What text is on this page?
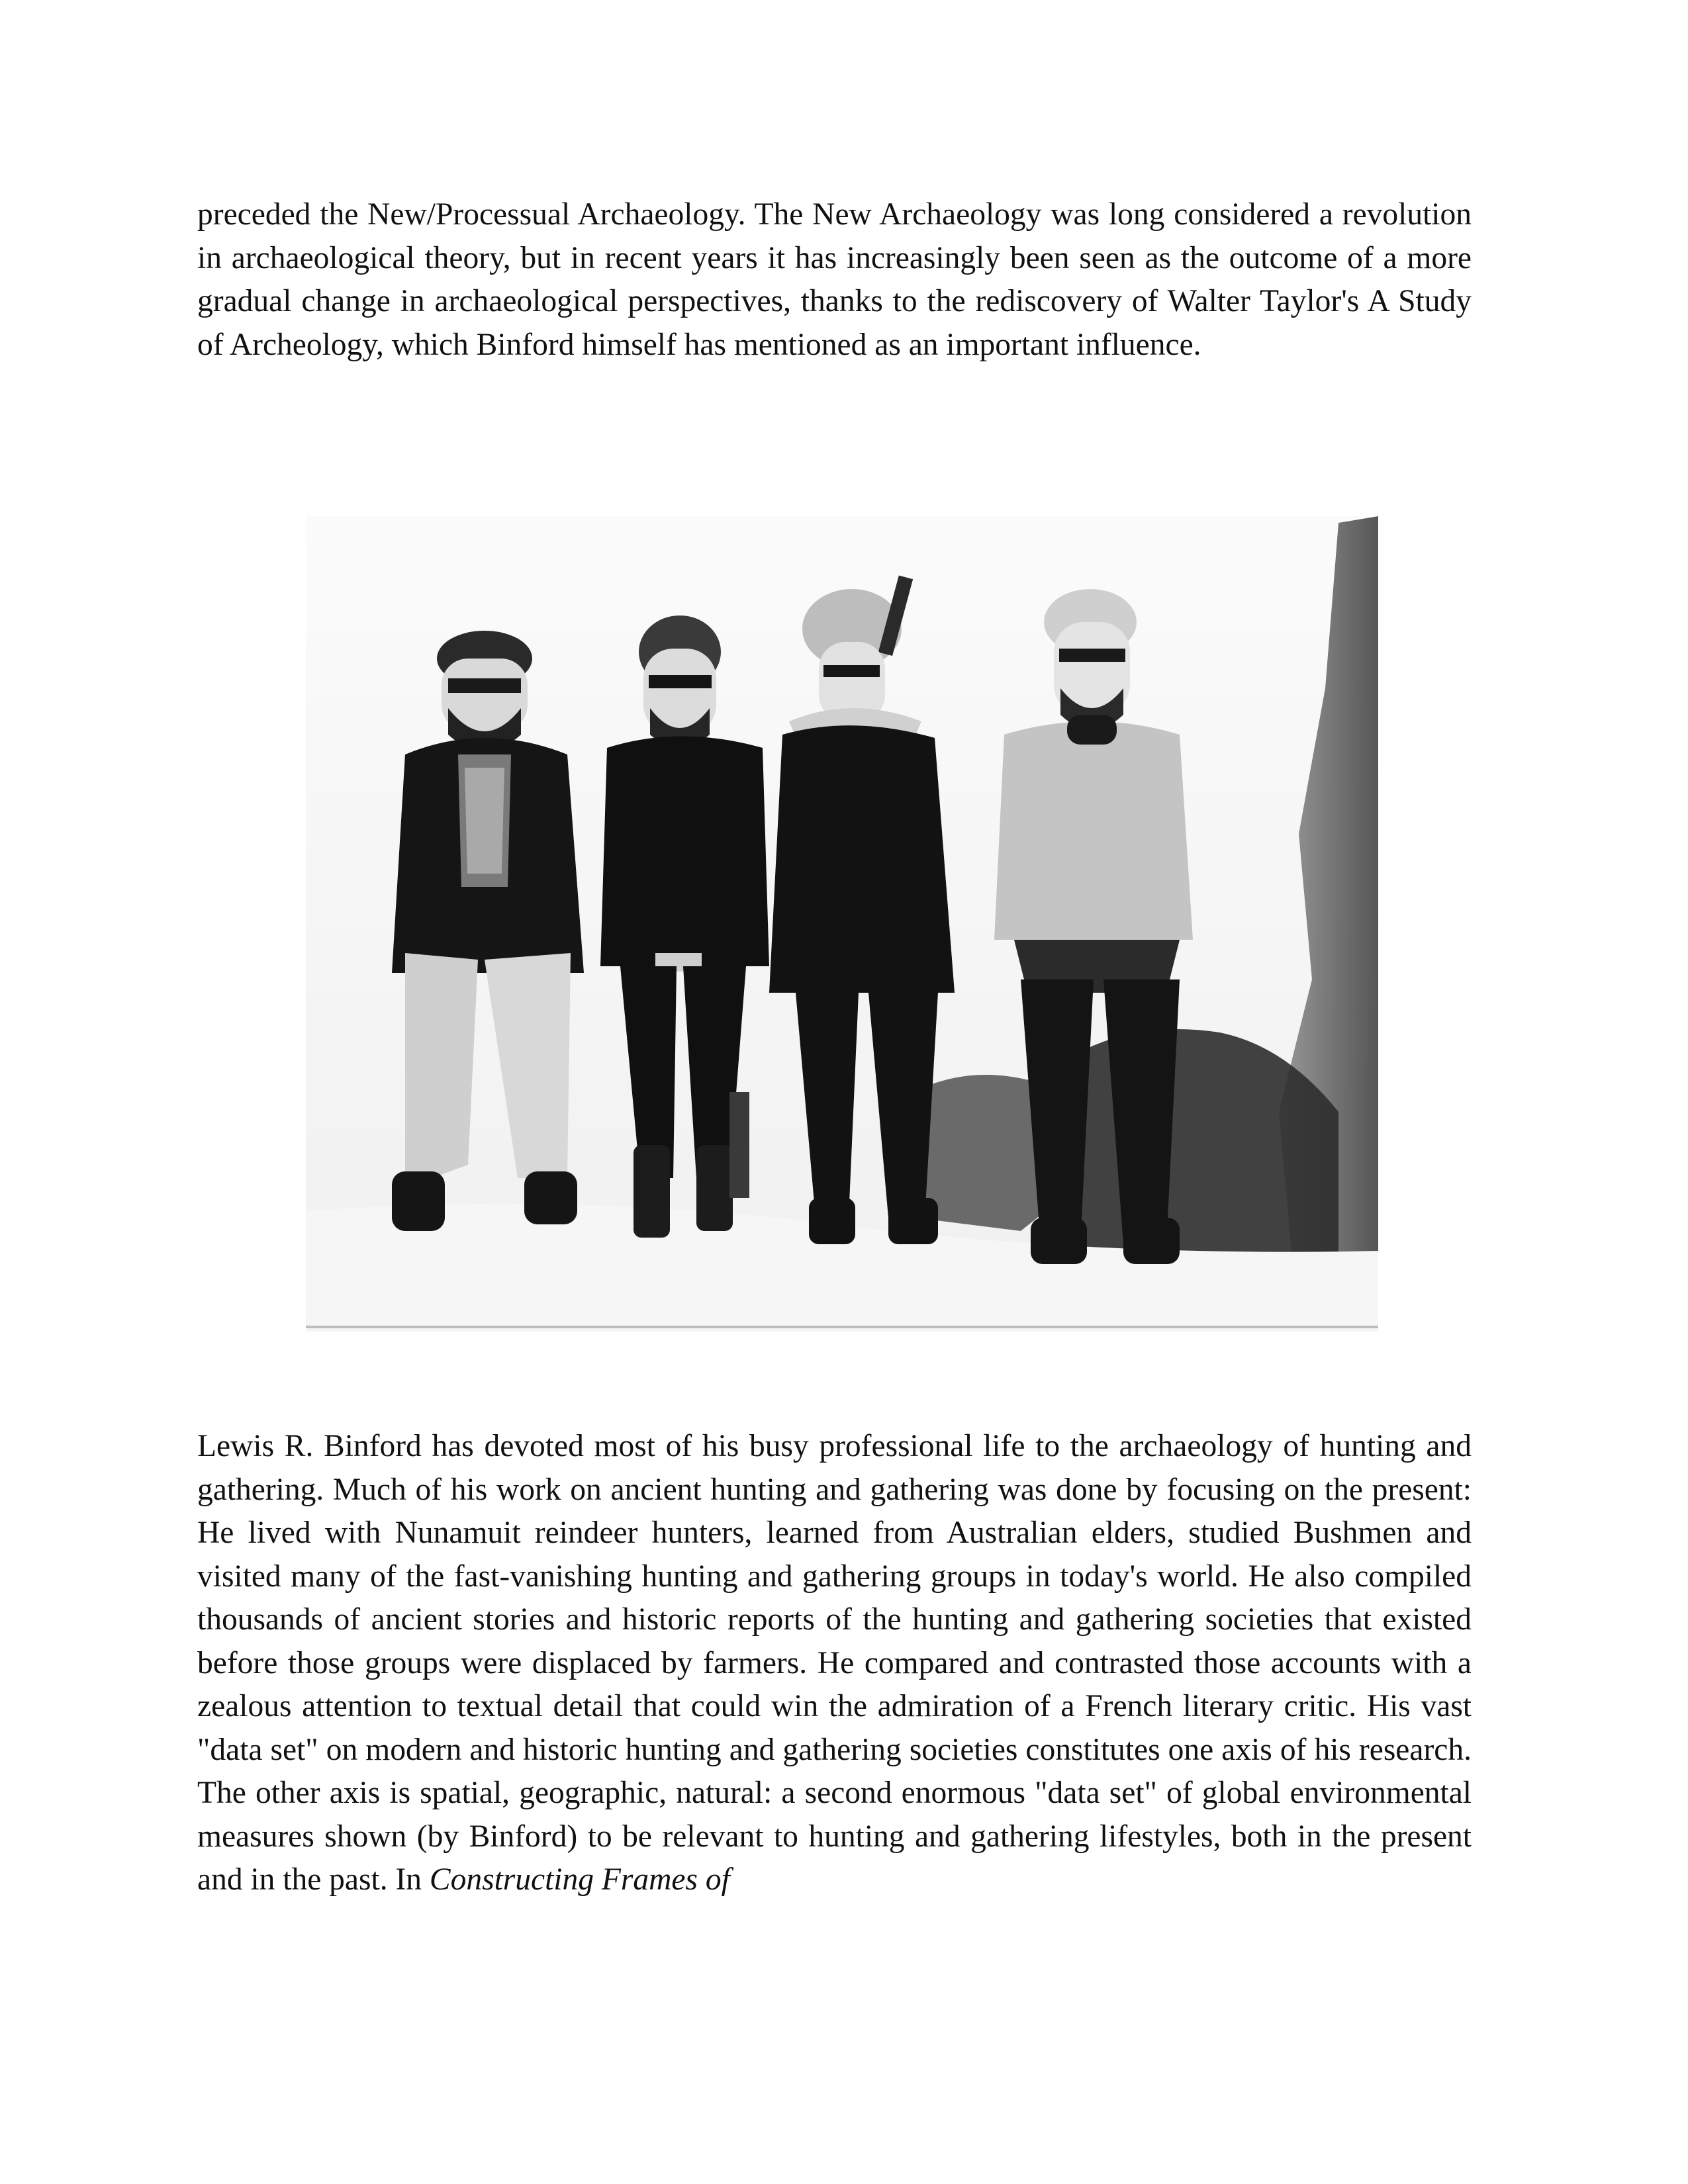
preceded the New/Processual Archaeology. The New Archaeology was long considered a revolution in archaeological theory, but in recent years it has increasingly been seen as the outcome of a more gradual change in archaeological perspectives, thanks to the rediscovery of Walter Taylor's A Study of Archeology, which Binford himself has mentioned as an important influence.

Lewis R. Binford has devoted most of his busy professional life to the archaeology of hunting and gathering. Much of his work on ancient hunting and gathering was done by focusing on the present: He lived with Nunamuit reindeer hunters, learned from Australian elders, studied Bushmen and visited many of the fast-vanishing hunting and gathering groups in today's world. He also compiled thousands of ancient stories and historic reports of the hunting and gathering societies that existed before those groups were displaced by farmers. He compared and contrasted those accounts with a zealous attention to textual detail that could win the admiration of a French literary critic. His vast "data set" on modern and historic hunting and gathering societies constitutes one axis of his research. The other axis is spatial, geographic, natural: a second enormous "data set" of global environmental measures shown (by Binford) to be relevant to hunting and gathering lifestyles, both in the present and in the past. In Constructing Frames of
